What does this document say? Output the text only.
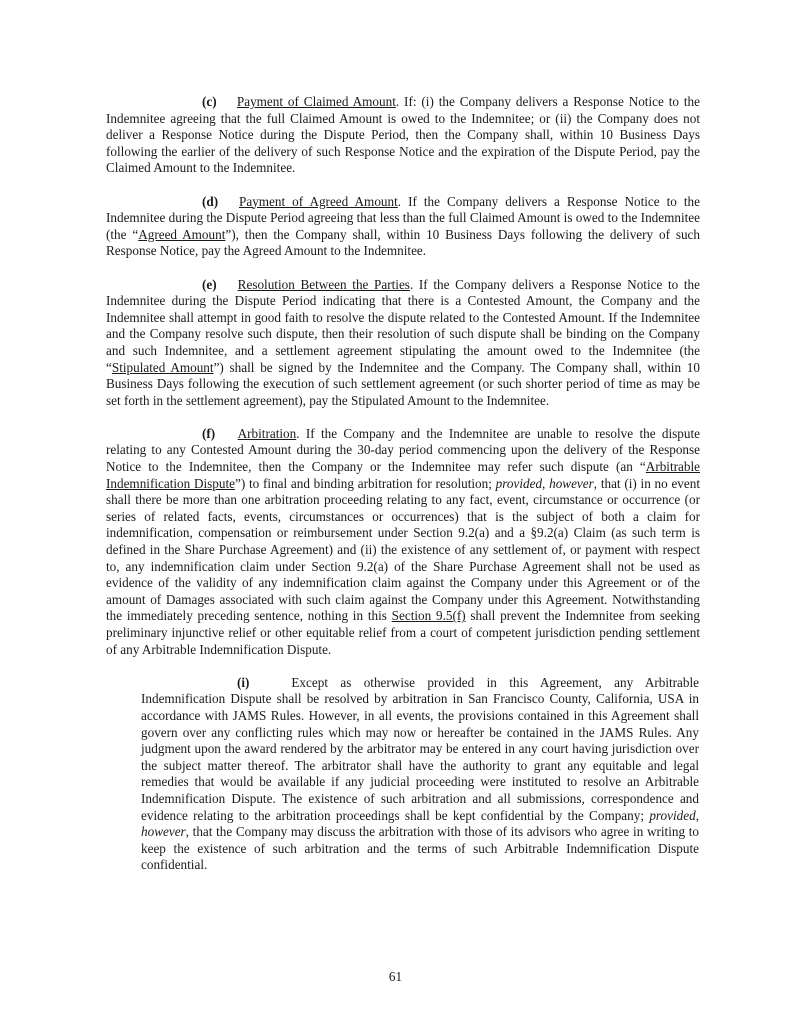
(c) Payment of Claimed Amount. If: (i) the Company delivers a Response Notice to the Indemnitee agreeing that the full Claimed Amount is owed to the Indemnitee; or (ii) the Company does not deliver a Response Notice during the Dispute Period, then the Company shall, within 10 Business Days following the earlier of the delivery of such Response Notice and the expiration of the Dispute Period, pay the Claimed Amount to the Indemnitee.

(d) Payment of Agreed Amount. If the Company delivers a Response Notice to the Indemnitee during the Dispute Period agreeing that less than the full Claimed Amount is owed to the Indemnitee (the “Agreed Amount”), then the Company shall, within 10 Business Days following the delivery of such Response Notice, pay the Agreed Amount to the Indemnitee.

(e) Resolution Between the Parties. If the Company delivers a Response Notice to the Indemnitee during the Dispute Period indicating that there is a Contested Amount, the Company and the Indemnitee shall attempt in good faith to resolve the dispute related to the Contested Amount. If the Indemnitee and the Company resolve such dispute, then their resolution of such dispute shall be binding on the Company and such Indemnitee, and a settlement agreement stipulating the amount owed to the Indemnitee (the “Stipulated Amount”) shall be signed by the Indemnitee and the Company. The Company shall, within 10 Business Days following the execution of such settlement agreement (or such shorter period of time as may be set forth in the settlement agreement), pay the Stipulated Amount to the Indemnitee.

(f) Arbitration. If the Company and the Indemnitee are unable to resolve the dispute relating to any Contested Amount during the 30-day period commencing upon the delivery of the Response Notice to the Indemnitee, then the Company or the Indemnitee may refer such dispute (an “Arbitrable Indemnification Dispute”) to final and binding arbitration for resolution; provided, however, that (i) in no event shall there be more than one arbitration proceeding relating to any fact, event, circumstance or occurrence (or series of related facts, events, circumstances or occurrences) that is the subject of both a claim for indemnification, compensation or reimbursement under Section 9.2(a) and a §9.2(a) Claim (as such term is defined in the Share Purchase Agreement) and (ii) the existence of any settlement of, or payment with respect to, any indemnification claim under Section 9.2(a) of the Share Purchase Agreement shall not be used as evidence of the validity of any indemnification claim against the Company under this Agreement or of the amount of Damages associated with such claim against the Company under this Agreement. Notwithstanding the immediately preceding sentence, nothing in this Section 9.5(f) shall prevent the Indemnitee from seeking preliminary injunctive relief or other equitable relief from a court of competent jurisdiction pending settlement of any Arbitrable Indemnification Dispute.

(i)	Except as otherwise provided in this Agreement, any Arbitrable Indemnification Dispute shall be resolved by arbitration in San Francisco County, California, USA in accordance with JAMS Rules. However, in all events, the provisions contained in this Agreement shall govern over any conflicting rules which may now or hereafter be contained in the JAMS Rules. Any judgment upon the award rendered by the arbitrator may be entered in any court having jurisdiction over the subject matter thereof. The arbitrator shall have the authority to grant any equitable and legal remedies that would be available if any judicial proceeding were instituted to resolve an Arbitrable Indemnification Dispute. The existence of such arbitration and all submissions, correspondence and evidence relating to the arbitration proceedings shall be kept confidential by the Company; provided, however, that the Company may discuss the arbitration with those of its advisors who agree in writing to keep the existence of such arbitration and the terms of such Arbitrable Indemnification Dispute confidential.

61
